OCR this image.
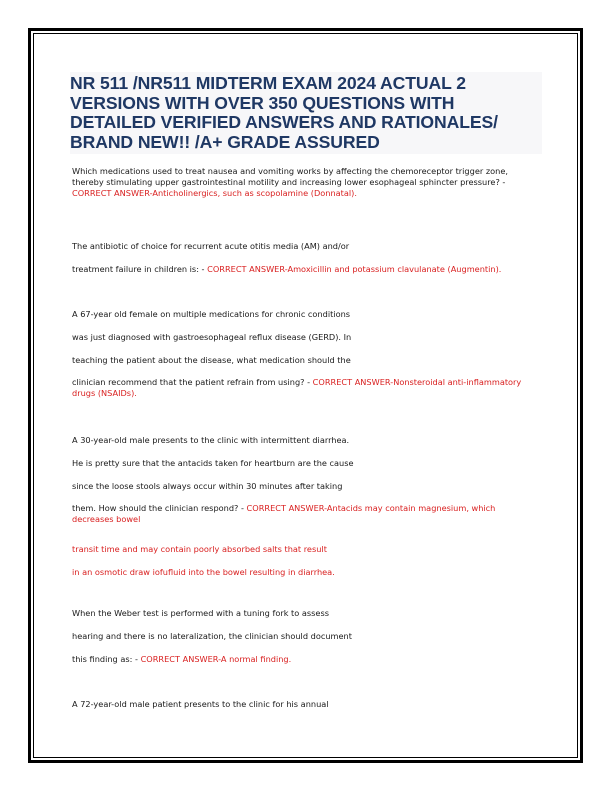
NR 511 /NR511 MIDTERM EXAM 2024 ACTUAL 2 VERSIONS WITH OVER 350 QUESTIONS WITH DETAILED VERIFIED ANSWERS AND RATIONALES/ BRAND NEW!! /A+ GRADE ASSURED
Which medications used to treat nausea and vomiting works by affecting the chemoreceptor trigger zone, thereby stimulating upper gastrointestinal motility and increasing lower esophageal sphincter pressure? - CORRECT ANSWER-Anticholinergics, such as scopolamine (Donnatal).
The antibiotic of choice for recurrent acute otitis media (AM) and/or
treatment failure in children is: - CORRECT ANSWER-Amoxicillin and potassium clavulanate (Augmentin).
A 67-year old female on multiple medications for chronic conditions
was just diagnosed with gastroesophageal reflux disease (GERD). In
teaching the patient about the disease, what medication should the
clinician recommend that the patient refrain from using? - CORRECT ANSWER-Nonsteroidal anti-inflammatory drugs (NSAIDs).
A 30-year-old male presents to the clinic with intermittent diarrhea.
He is pretty sure that the antacids taken for heartburn are the cause
since the loose stools always occur within 30 minutes after taking
them. How should the clinician respond? - CORRECT ANSWER-Antacids may contain magnesium, which decreases bowel
transit time and may contain poorly absorbed salts that result
in an osmotic draw iofufluid into the bowel resulting in diarrhea.
When the Weber test is performed with a tuning fork to assess
hearing and there is no lateralization, the clinician should document
this finding as: - CORRECT ANSWER-A normal finding.
A 72-year-old male patient presents to the clinic for his annual
